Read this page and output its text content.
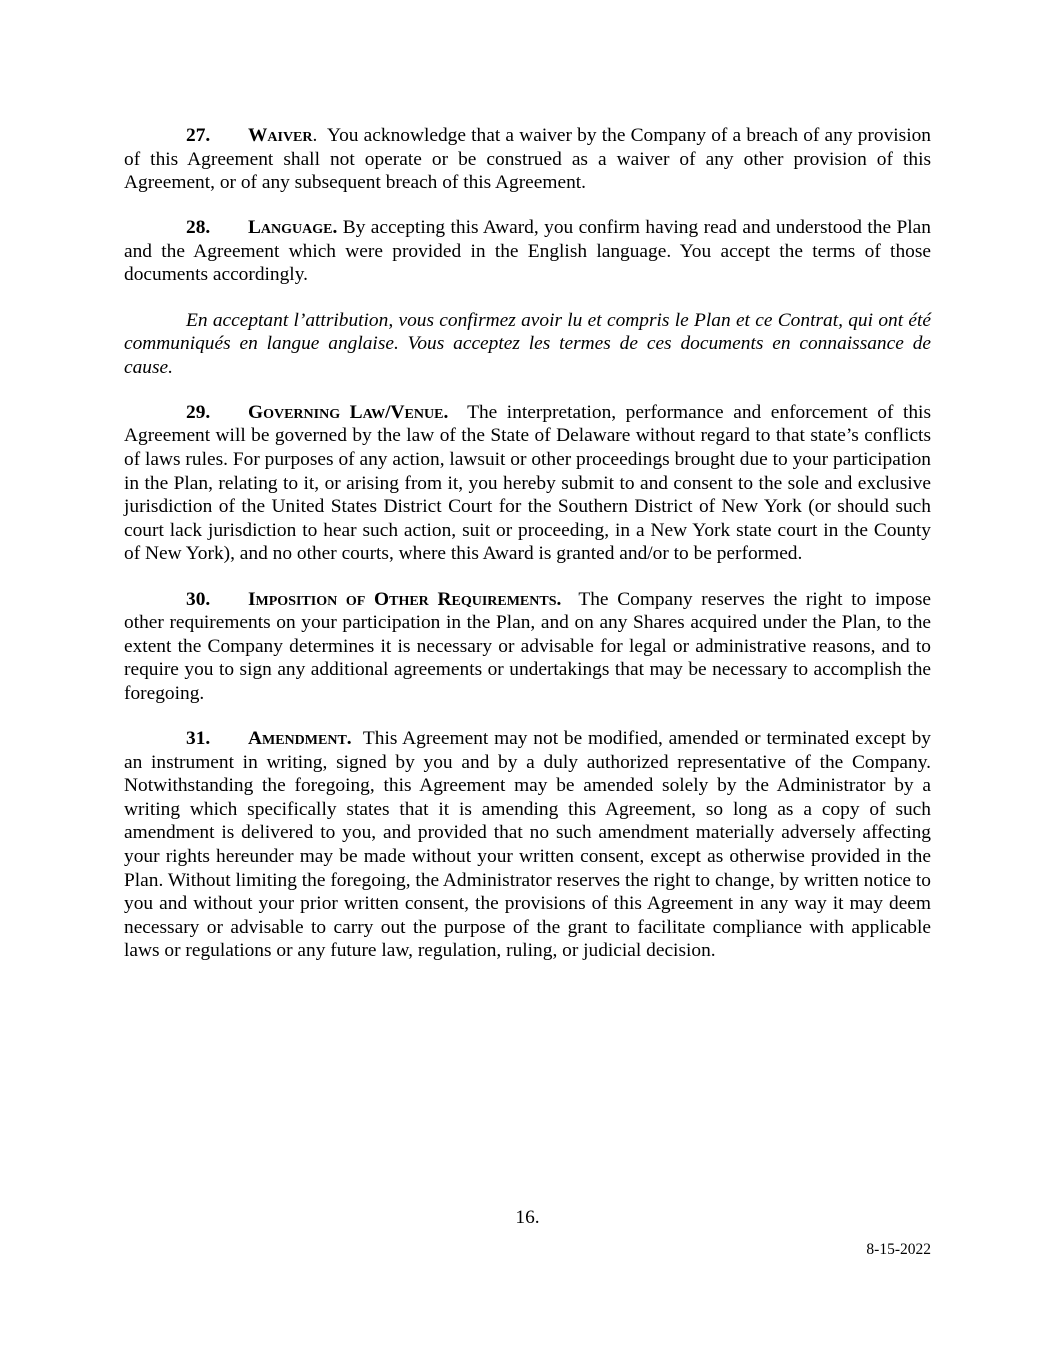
27. Waiver. You acknowledge that a waiver by the Company of a breach of any provision of this Agreement shall not operate or be construed as a waiver of any other provision of this Agreement, or of any subsequent breach of this Agreement.

28. Language. By accepting this Award, you confirm having read and understood the Plan and the Agreement which were provided in the English language. You accept the terms of those documents accordingly.

En acceptant l’attribution, vous confirmez avoir lu et compris le Plan et ce Contrat, qui ont été communiqués en langue anglaise. Vous acceptez les termes de ces documents en connaissance de cause.

29. Governing Law/Venue. The interpretation, performance and enforcement of this Agreement will be governed by the law of the State of Delaware without regard to that state’s conflicts of laws rules. For purposes of any action, lawsuit or other proceedings brought due to your participation in the Plan, relating to it, or arising from it, you hereby submit to and consent to the sole and exclusive jurisdiction of the United States District Court for the Southern District of New York (or should such court lack jurisdiction to hear such action, suit or proceeding, in a New York state court in the County of New York), and no other courts, where this Award is granted and/or to be performed.

30. Imposition of Other Requirements. The Company reserves the right to impose other requirements on your participation in the Plan, and on any Shares acquired under the Plan, to the extent the Company determines it is necessary or advisable for legal or administrative reasons, and to require you to sign any additional agreements or undertakings that may be necessary to accomplish the foregoing.

31. Amendment. This Agreement may not be modified, amended or terminated except by an instrument in writing, signed by you and by a duly authorized representative of the Company. Notwithstanding the foregoing, this Agreement may be amended solely by the Administrator by a writing which specifically states that it is amending this Agreement, so long as a copy of such amendment is delivered to you, and provided that no such amendment materially adversely affecting your rights hereunder may be made without your written consent, except as otherwise provided in the Plan. Without limiting the foregoing, the Administrator reserves the right to change, by written notice to you and without your prior written consent, the provisions of this Agreement in any way it may deem necessary or advisable to carry out the purpose of the grant to facilitate compliance with applicable laws or regulations or any future law, regulation, ruling, or judicial decision.

16.
8-15-2022
